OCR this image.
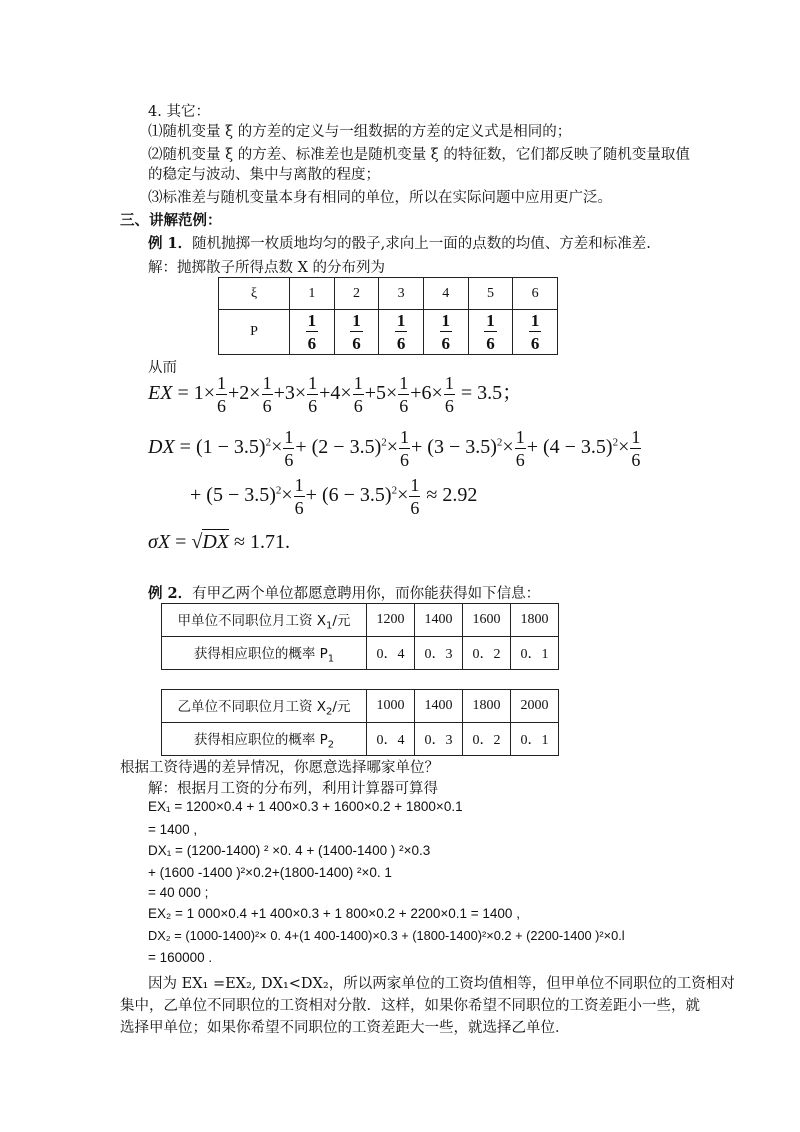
4. 其它：
⑴随机变量 ξ 的方差的定义与一组数据的方差的定义式是相同的；
⑵随机变量 ξ 的方差、标准差也是随机变量 ξ 的特征数，它们都反映了随机变量取值
的稳定与波动、集中与离散的程度；
⑶标准差与随机变量本身有相同的单位，所以在实际问题中应用更广泛。
三、讲解范例：
例 1．随机抛掷一枚质地均匀的骰子,求向上一面的点数的均值、方差和标准差.
解：抛掷散子所得点数 X 的分布列为
ξ	1	2	3	4	5	6
P	$\frac{1}{6}$	$\frac{1}{6}$	$\frac{1}{6}$	$\frac{1}{6}$	$\frac{1}{6}$	$\frac{1}{6}$
从而
EX = $1\times \frac{1}{6} +2\times \frac{1}{6} +3\times \frac{1}{6} +4\times \frac{1}{6} +5\times \frac{1}{6} +6\times \frac{1}{6} = 3.5$；
DX = $(1 - 3.5)^2\times \frac{1}{6} + (2 - 3.5)^2\times \frac{1}{6} + (3 - 3.5)^2\times \frac{1}{6} + (4 - 3.5)^2\times \frac{1}{6}$
+ $(5 - 3.5)^2\times \frac{1}{6} + (6 - 3.5)^2\times \frac{1}{6} \approx 2.92$
σX = √DX ≈ 1.71.
例 2．有甲乙两个单位都愿意聘用你，而你能获得如下信息：
甲单位不同职位月工资 $X_1/$元	1200	1400	1600	1800
获得相应职位的概率 $P_1$	0．4	0．3	0．2	0．1
乙单位不同职位月工资 $X_2/$元	1000	1400	1800	2000
获得相应职位的概率 $P_2$	0．4	0．3	0．2	0．1
根据工资待遇的差异情况，你愿意选择哪家单位？
解：根据月工资的分布列，利用计算器可算得
EX₁ = 1200×0.4 + 1 400×0.3 + 1600×0.2 + 1800×0.1
= 1400 ,
DX₁ = (1200-1400) ² ×0. 4 + (1400-1400 ) ²×0.3
+ (1600 -1400 )²×0.2+(1800-1400) ²×0. 1
= 40 000 ;
EX₂ = 1 000×0.4 +1 400×0.3 + 1 800×0.2 + 2200×0.1 = 1400 ,
DX₂ = (1000-1400)²× 0. 4+(1 400-1400)×0.3 + (1800-1400)²×0.2 + (2200-1400 )²×0.l
= 160000 .
因为 EX₁ =EX₂, DX₁<DX₂，所以两家单位的工资均值相等，但甲单位不同职位的工资相对
集中，乙单位不同职位的工资相对分散．这样，如果你希望不同职位的工资差距小一些，就
选择甲单位；如果你希望不同职位的工资差距大一些，就选择乙单位．
